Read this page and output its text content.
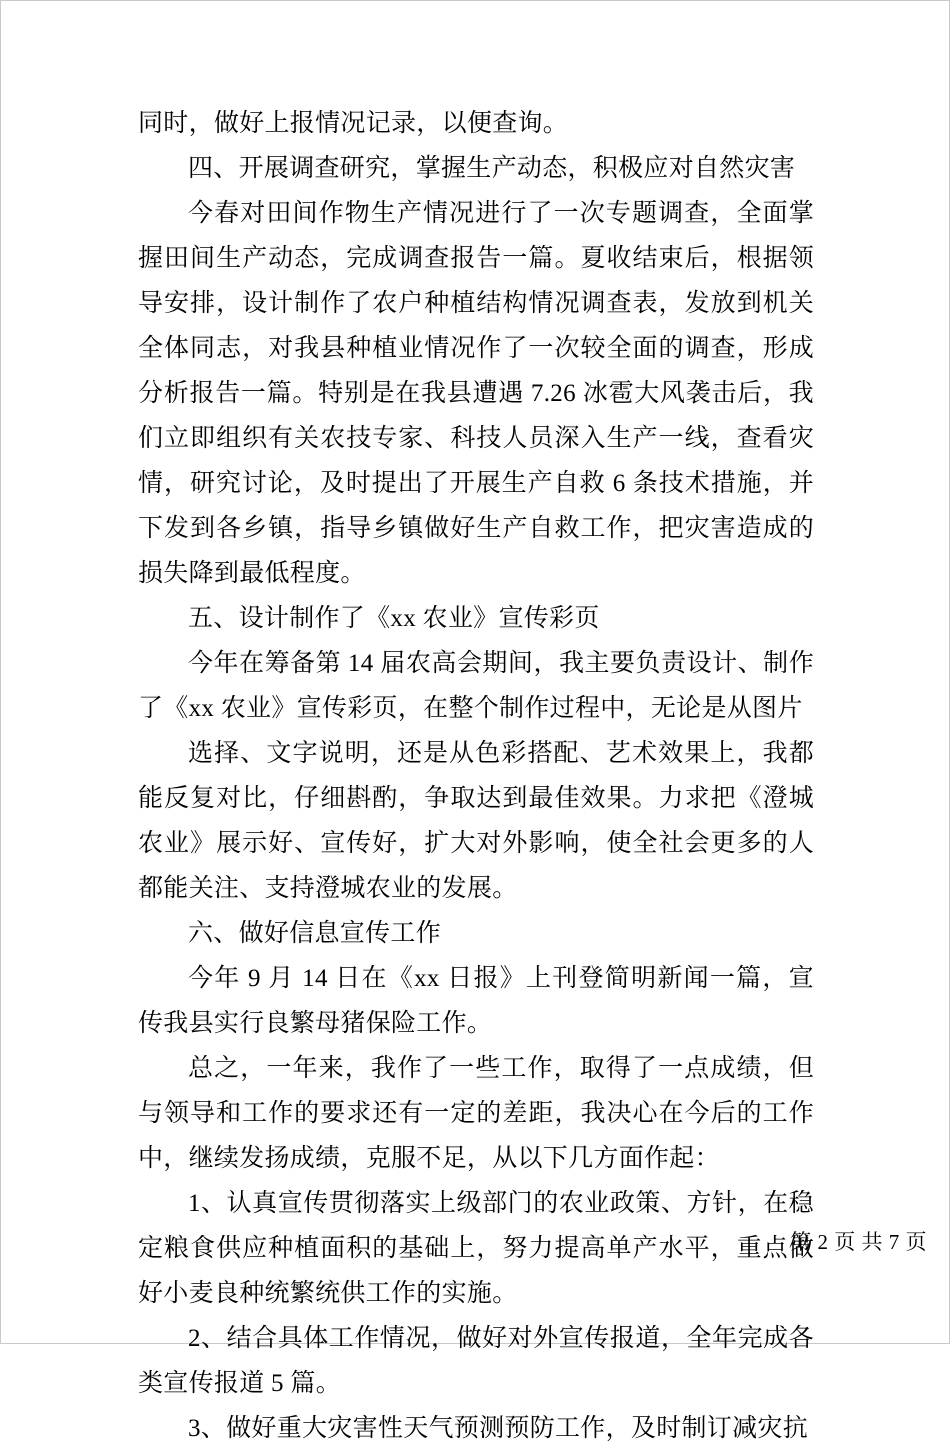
同时，做好上报情况记录，以便查询。

四、开展调查研究，掌握生产动态，积极应对自然灾害

今春对田间作物生产情况进行了一次专题调查，全面掌握田间生产动态，完成调查报告一篇。夏收结束后，根据领导安排，设计制作了农户种植结构情况调查表，发放到机关全体同志，对我县种植业情况作了一次较全面的调查，形成分析报告一篇。特别是在我县遭遇 7.26 冰雹大风袭击后，我们立即组织有关农技专家、科技人员深入生产一线，查看灾情，研究讨论，及时提出了开展生产自救 6 条技术措施，并下发到各乡镇，指导乡镇做好生产自救工作，把灾害造成的损失降到最低程度。

五、设计制作了《xx 农业》宣传彩页

今年在筹备第 14 届农高会期间，我主要负责设计、制作了《xx 农业》宣传彩页，在整个制作过程中，无论是从图片

选择、文字说明，还是从色彩搭配、艺术效果上，我都能反复对比，仔细斟酌，争取达到最佳效果。力求把《澄城农业》展示好、宣传好，扩大对外影响，使全社会更多的人都能关注、支持澄城农业的发展。

六、做好信息宣传工作

今年 9 月 14 日在《xx 日报》上刊登简明新闻一篇，宣传我县实行良繁母猪保险工作。

总之，一年来，我作了一些工作，取得了一点成绩，但与领导和工作的要求还有一定的差距，我决心在今后的工作中，继续发扬成绩，克服不足，从以下几方面作起：

1、认真宣传贯彻落实上级部门的农业政策、方针，在稳定粮食供应种植面积的基础上，努力提高单产水平，重点做好小麦良种统繁统供工作的实施。

2、结合具体工作情况，做好对外宣传报道，全年完成各类宣传报道 5 篇。

3、做好重大灾害性天气预测预防工作，及时制订减灾抗

第 2 页 共 7 页
